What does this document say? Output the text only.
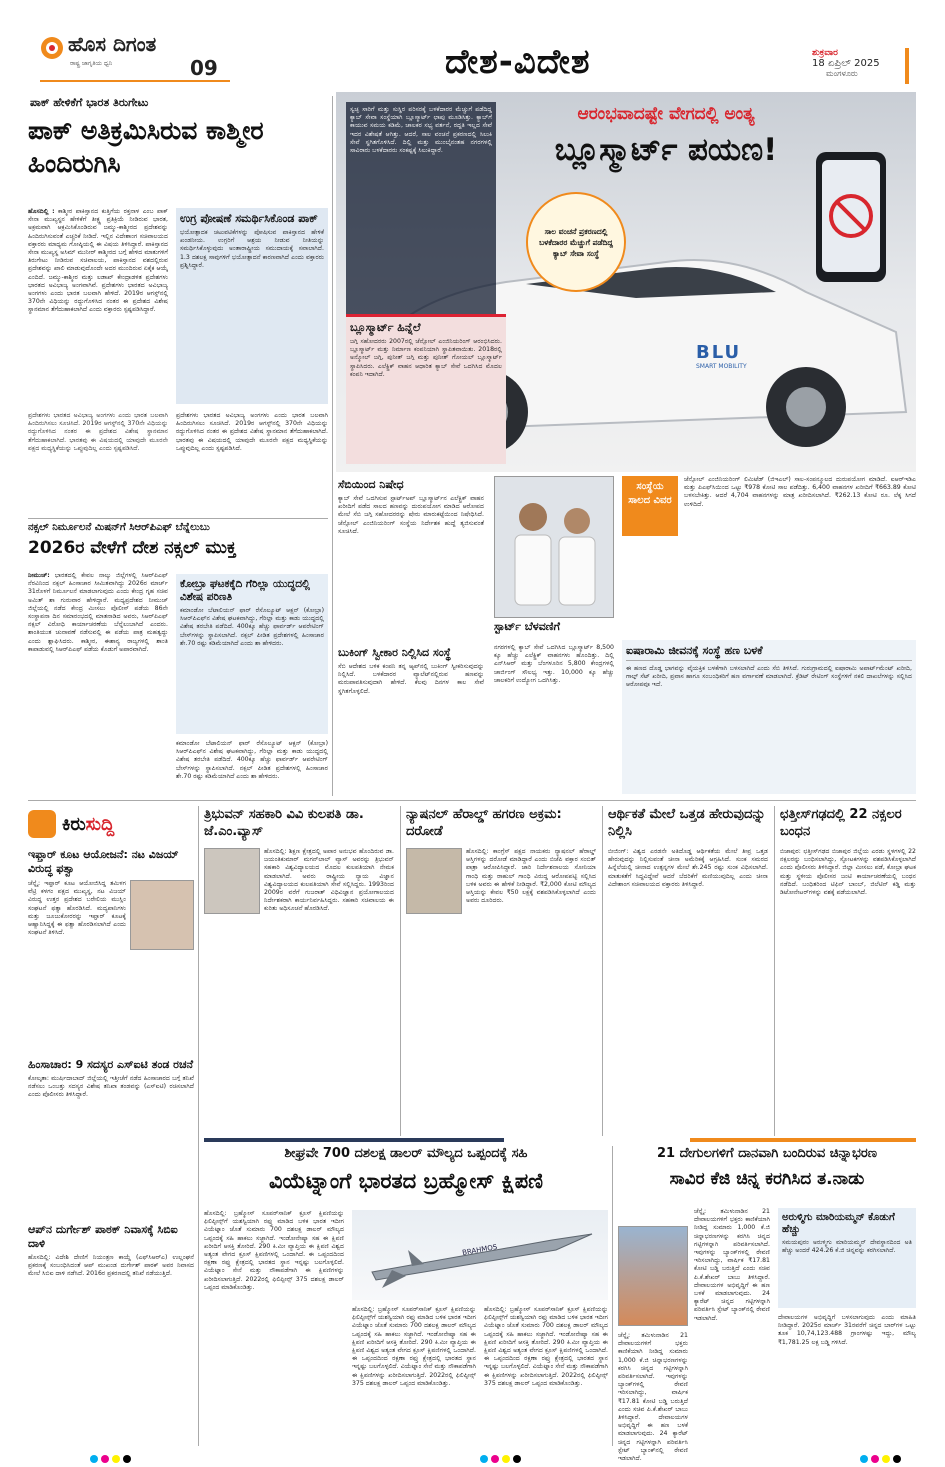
ಹೊಸ ದಿಗಂತ
ರಾಷ್ಟ್ರ ಜಾಗೃತಿಯ ಧ್ವನಿ	09	ದೇಶ-ವಿದೇಶ	ಶುಕ್ರವಾರ
18 ಏಪ್ರಿಲ್ 2025
ಮಂಗಳೂರು
ಪಾಕ್ ಹೇಳಿಕೆಗೆ ಭಾರತ ತಿರುಗೇಟು
ಪಾಕ್ ಅತಿಕ್ರಮಿಸಿರುವ ಕಾಶ್ಮೀರ ಹಿಂದಿರುಗಿಸಿ
ಹೊಸದಿಲ್ಲಿ : ಕಾಶ್ಮೀರ ಪಾಕಿಸ್ತಾನದ ಕುತ್ತಿಗೆಯ ರಕ್ತನಾಳ ಎಂಬ ಪಾಕ್ ಸೇನಾ ಮುಖ್ಯಸ್ಥನ ಹೇಳಿಕೆಗೆ ತೀಕ್ಷ್ಣ ಪ್ರತಿಕ್ರಿಯೆ ನೀಡಿರುವ ಭಾರತ, ಅಕ್ರಮವಾಗಿ ಆಕ್ರಮಿಸಿಕೊಂಡಿರುವ ಜಮ್ಮು-ಕಾಶ್ಮೀರದ ಪ್ರದೇಶವನ್ನು ಹಿಂದಿರುಗಿಸುವಂತೆ ಎಚ್ಚರಿಕೆ ನೀಡಿದೆ. ಇಲ್ಲಿನ ವಿದೇಶಾಂಗ ಸಚಿವಾಲಯದ ವಕ್ತಾರರು ಮಾಧ್ಯಮ ಗೋಷ್ಠಿಯಲ್ಲಿ ಈ ವಿಷಯ ತಿಳಿಸಿದ್ದಾರೆ. ಪಾಕಿಸ್ತಾನದ ಸೇನಾ ಮುಖ್ಯಸ್ಥ ಅಸಿಮ್ ಮುನೀರ್ ಕಾಶ್ಮೀರದ ಬಗ್ಗೆ ಹೇಳಿದ ಮಾತುಗಳಿಗೆ ತಿರುಗೇಟು ನೀಡಿರುವ ಸಚಿವಾಲಯ, ಪಾಕಿಸ್ತಾನದ ವಶದಲ್ಲಿರುವ ಪ್ರದೇಶವನ್ನು ಖಾಲಿ ಮಾಡುವುದೊಂದೇ ಅದರ ಮುಂದಿರುವ ಏಕೈಕ ಆಯ್ಕೆ ಎಂದಿದೆ. ಜಮ್ಮು-ಕಾಶ್ಮೀರ ಮತ್ತು ಲಡಾಖ್ ಕೇಂದ್ರಾಡಳಿತ ಪ್ರದೇಶಗಳು ಭಾರತದ ಅವಿಭಾಜ್ಯ ಅಂಗವಾಗಿವೆ. ಪ್ರದೇಶಗಳು ಭಾರತದ ಅವಿಭಾಜ್ಯ ಅಂಗಗಳು ಎಂದು ಭಾರತ ಬಲವಾಗಿ ಹೇಳಿದೆ. 2019ರ ಆಗಸ್ಟ್‌ನಲ್ಲಿ 370ನೇ ವಿಧಿಯನ್ನು ರದ್ದುಗೊಳಿಸಿದ ನಂತರ ಈ ಪ್ರದೇಶದ ವಿಶೇಷ ಸ್ಥಾನಮಾನ ತೆಗೆದುಹಾಕಲಾಗಿದೆ ಎಂದು ವಕ್ತಾರರು ಸ್ಪಷ್ಟಪಡಿಸಿದ್ದಾರೆ.
ಉಗ್ರ ಪೋಷಣೆ ಸಮರ್ಥಿಸಿಕೊಂಡ ಪಾಕ್
ಭಯೋತ್ಪಾದಕ ಚಟುವಟಿಕೆಗಳನ್ನು ಪೋಷಿಸುವ ಪಾಕಿಸ್ತಾನದ ಹೇಳಿಕೆ ಖಂಡನೀಯ. ಉಗ್ರರಿಗೆ ಆಶ್ರಯ ನೀಡುವ ನೀತಿಯನ್ನು ಸಮರ್ಥಿಸಿಕೊಳ್ಳುವುದು ಅಂತಾರಾಷ್ಟ್ರೀಯ ಸಮುದಾಯಕ್ಕೆ ಸವಾಲಾಗಿದೆ. 1.3 ದಶಲಕ್ಷ ಸಾವುಗಳಿಗೆ ಭಯೋತ್ಪಾದನೆ ಕಾರಣವಾಗಿದೆ ಎಂದು ವಕ್ತಾರರು ಪ್ರಶ್ನಿಸಿದ್ದಾರೆ.
ಪ್ರದೇಶಗಳು ಭಾರತದ ಅವಿಭಾಜ್ಯ ಅಂಗಗಳು ಎಂದು ಭಾರತ ಬಲವಾಗಿ ಹಿಂದಿರುಗಿಸಲು ಸೂಚಿಸಿದೆ. 2019ರ ಆಗಸ್ಟ್‌ನಲ್ಲಿ 370ನೇ ವಿಧಿಯನ್ನು ರದ್ದುಗೊಳಿಸಿದ ನಂತರ ಈ ಪ್ರದೇಶದ ವಿಶೇಷ ಸ್ಥಾನಮಾನ ತೆಗೆದುಹಾಕಲಾಗಿದೆ. ಭಾರತವು ಈ ವಿಷಯದಲ್ಲಿ ಯಾವುದೇ ಮೂರನೇ ಪಕ್ಷದ ಮಧ್ಯಸ್ಥಿಕೆಯನ್ನು ಒಪ್ಪುವುದಿಲ್ಲ ಎಂದು ಸ್ಪಷ್ಟಪಡಿಸಿದೆ.
ಪ್ರದೇಶಗಳು ಭಾರತದ ಅವಿಭಾಜ್ಯ ಅಂಗಗಳು ಎಂದು ಭಾರತ ಬಲವಾಗಿ ಹಿಂದಿರುಗಿಸಲು ಸೂಚಿಸಿದೆ. 2019ರ ಆಗಸ್ಟ್‌ನಲ್ಲಿ 370ನೇ ವಿಧಿಯನ್ನು ರದ್ದುಗೊಳಿಸಿದ ನಂತರ ಈ ಪ್ರದೇಶದ ವಿಶೇಷ ಸ್ಥಾನಮಾನ ತೆಗೆದುಹಾಕಲಾಗಿದೆ. ಭಾರತವು ಈ ವಿಷಯದಲ್ಲಿ ಯಾವುದೇ ಮೂರನೇ ಪಕ್ಷದ ಮಧ್ಯಸ್ಥಿಕೆಯನ್ನು ಒಪ್ಪುವುದಿಲ್ಲ ಎಂದು ಸ್ಪಷ್ಟಪಡಿಸಿದೆ.
ನಕ್ಸಲ್ ನಿರ್ಮೂಲನೆ ಮಿಷನ್‌ಗೆ ಸಿಆರ್‌ಪಿಎಫ್ ಬೆನ್ನೆಲುಬು
2026ರ ವೇಳೆಗೆ ದೇಶ ನಕ್ಸಲ್ ಮುಕ್ತ
ನೀಮುಚ್: ಭಾರತದಲ್ಲಿ ಕೇವಲ ನಾಲ್ಕು ಜಿಲ್ಲೆಗಳಲ್ಲಿ ಸಿಆರ್‌ಪಿಎಫ್ ನೆರವಿನಿಂದ ನಕ್ಸಲ್ ಹಿಂಸಾಚಾರ ಸೀಮಿತವಾಗಿದ್ದು 2026ರ ಮಾರ್ಚ್ 31ರೊಳಗೆ ನಿರ್ಮೂಲನೆ ಮಾಡಲಾಗುವುದು ಎಂದು ಕೇಂದ್ರ ಗೃಹ ಸಚಿವ ಅಮಿತ್ ಶಾ ಗುರುವಾರ ಹೇಳಿದ್ದಾರೆ. ಮಧ್ಯಪ್ರದೇಶದ ನೀಮುಚ್ ಜಿಲ್ಲೆಯಲ್ಲಿ ನಡೆದ ಕೇಂದ್ರ ಮೀಸಲು ಪೊಲೀಸ್ ಪಡೆಯ 86ನೇ ಸಂಸ್ಥಾಪನಾ ದಿನ ಸಮಾರಂಭದಲ್ಲಿ ಮಾತನಾಡಿದ ಅವರು, ಸಿಆರ್‌ಪಿಎಫ್ ನಕ್ಸಲ್ ವಿರೋಧಿ ಕಾರ್ಯಾಚರಣೆಯ ಬೆನ್ನೆಲುಬಾಗಿದೆ ಎಂದರು. ಶಾಂತಿಯುತ ಚುನಾವಣೆ ನಡೆಸುವಲ್ಲಿ ಈ ಪಡೆಯ ಪಾತ್ರ ಮಹತ್ವದ್ದು ಎಂದು ಶ್ಲಾಘಿಸಿದರು. ಕಾಶ್ಮೀರ, ಈಶಾನ್ಯ ರಾಜ್ಯಗಳಲ್ಲಿ ಶಾಂತಿ ಕಾಪಾಡುವಲ್ಲಿ ಸಿಆರ್‌ಪಿಎಫ್ ಪಡೆಯ ಕೊಡುಗೆ ಅಪಾರವಾಗಿದೆ.
ಕೋಬ್ರಾ ಘಟಕಕ್ಕೆದಿ ಗೆರಿಲ್ಲಾ ಯುದ್ಧದಲ್ಲಿ ವಿಶೇಷ ಪರಿಣತಿ
ಕಮಾಂಡೋ ಬೆಟಾಲಿಯನ್ ಫಾರ್ ರೆಸೊಲ್ಯೂಟ್ ಆಕ್ಷನ್ (ಕೋಬ್ರಾ) ಸಿಆರ್‌ಪಿಎಫ್‌ನ ವಿಶೇಷ ಘಟಕವಾಗಿದ್ದು, ಗೆರಿಲ್ಲಾ ಮತ್ತು ಕಾಡು ಯುದ್ಧದಲ್ಲಿ ವಿಶೇಷ ತರಬೇತಿ ಪಡೆದಿದೆ. 400ಕ್ಕೂ ಹೆಚ್ಚು ಫಾರ್ವರ್ಡ್ ಆಪರೇಟಿಂಗ್ ಬೇಸ್‌ಗಳನ್ನು ಸ್ಥಾಪಿಸಲಾಗಿದೆ. ನಕ್ಸಲ್ ಪೀಡಿತ ಪ್ರದೇಶಗಳಲ್ಲಿ ಹಿಂಸಾಚಾರ ಶೇ.70 ರಷ್ಟು ಕಡಿಮೆಯಾಗಿದೆ ಎಂದು ಶಾ ಹೇಳಿದರು.
ಕಮಾಂಡೋ ಬೆಟಾಲಿಯನ್ ಫಾರ್ ರೆಸೊಲ್ಯೂಟ್ ಆಕ್ಷನ್ (ಕೋಬ್ರಾ) ಸಿಆರ್‌ಪಿಎಫ್‌ನ ವಿಶೇಷ ಘಟಕವಾಗಿದ್ದು, ಗೆರಿಲ್ಲಾ ಮತ್ತು ಕಾಡು ಯುದ್ಧದಲ್ಲಿ ವಿಶೇಷ ತರಬೇತಿ ಪಡೆದಿದೆ. 400ಕ್ಕೂ ಹೆಚ್ಚು ಫಾರ್ವರ್ಡ್ ಆಪರೇಟಿಂಗ್ ಬೇಸ್‌ಗಳನ್ನು ಸ್ಥಾಪಿಸಲಾಗಿದೆ. ನಕ್ಸಲ್ ಪೀಡಿತ ಪ್ರದೇಶಗಳಲ್ಲಿ ಹಿಂಸಾಚಾರ ಶೇ.70 ರಷ್ಟು ಕಡಿಮೆಯಾಗಿದೆ ಎಂದು ಶಾ ಹೇಳಿದರು.
BLU
SMART MOBILITY
ಆರಂಭವಾದಷ್ಟೇ ವೇಗದಲ್ಲಿ ಅಂತ್ಯ
ಬ್ಲೂಸ್ಮಾರ್ಟ್ ಪಯಣ!
ಸ್ವಚ್ಛ ಸಾರಿಗೆ ಮತ್ತು ಸುಸ್ಥಿರ ಪರಿಸರಕ್ಕೆ ಬಳಕೆದಾರರ ಮೆಚ್ಚುಗೆ ಪಡೆದಿದ್ದ ಕ್ಯಾಬ್ ಸೇವಾ ಸಂಸ್ಥೆಯಾಗಿ ಬ್ಲೂಸ್ಮಾರ್ಟ್ ಛಾಪು ಮೂಡಿಸಿತ್ತು. ಕ್ಯಾಬ್‌ಗೆ ಕಾಯುವ ಸಮಯ ಕಡಿಮೆ, ಚಾಲಕರ ಸಭ್ಯ ವರ್ತನೆ, ರದ್ದತಿ ಇಲ್ಲದ ಸೇವೆ ಇದರ ವಿಶೇಷತೆ ಆಗಿತ್ತು. ಆದರೆ, ಸಾಲ ವಂಚನೆ ಪ್ರಕರಣದಲ್ಲಿ ಸಿಲುಕಿ ಸೇವೆ ಸ್ಥಗಿತಗೊಳಿಸಿದೆ. ದಿಲ್ಲಿ ಮತ್ತು ಮುಂಬೈನಂತಹ ನಗರಗಳಲ್ಲಿ ಸಾವಿರಾರು ಬಳಕೆದಾರರು ಸಂಕಷ್ಟಕ್ಕೆ ಸಿಲುಕಿದ್ದಾರೆ.
ಸಾಲ ವಂಚನೆ ಪ್ರಕರಣದಲ್ಲಿ ಬಳಕೆದಾರರ ಮೆಚ್ಚುಗೆ ಪಡೆದಿದ್ದ ಕ್ಯಾಬ್ ಸೇವಾ ಸಂಸ್ಥೆ
ಬ್ಲೂಸ್ಮಾರ್ಟ್ ಹಿನ್ನೆಲೆ
ಜಗ್ಗಿ ಸಹೋದರರು 2007ರಲ್ಲಿ ಜೆನ್ಸೋಲ್ ಎಂಜಿನಿಯರಿಂಗ್ ಆರಂಭಿಸಿದರು. ಬ್ಲೂಸ್ಮಾರ್ಟ್ ಮತ್ತು ನಿರ್ಮಾಣ ಕಂಪನಿಯಾಗಿ ಸ್ಥಾಪಿತವಾಯಿತು. 2018ರಲ್ಲಿ ಅನ್ಮೋಲ್ ಜಗ್ಗಿ, ಪುನೀತ್ ಜಗ್ಗಿ ಮತ್ತು ಪುನೀತ್ ಗೋಯಲ್ ಬ್ಲೂಸ್ಮಾರ್ಟ್ ಸ್ಥಾಪಿಸಿದರು. ಎಲೆಕ್ಟ್ರಿಕ್ ವಾಹನ ಆಧಾರಿತ ಕ್ಯಾಬ್ ಸೇವೆ ಒದಗಿಸಿದ ಮೊದಲ ಕಂಪನಿ ಇದಾಗಿದೆ.
ಸೆಬಿಯಿಂದ ನಿಷೇಧ
ಕ್ಯಾಬ್ ಸೇವೆ ಒದಗಿಸುವ ಸ್ಟಾರ್ಟ್‌ಅಪ್ ಬ್ಲೂಸ್ಮಾರ್ಟ್‌ನ ಎಲೆಕ್ಟ್ರಿಕ್ ವಾಹನ ಖರೀದಿಗೆ ಪಡೆದ ಸಾಲದ ಹಣವನ್ನು ದುರುಪಯೋಗ ಮಾಡಿದ ಆರೋಪದ ಮೇಲೆ ಸೆಬಿ ಜಗ್ಗಿ ಸಹೋದರರನ್ನು ಷೇರು ಮಾರುಕಟ್ಟೆಯಿಂದ ನಿಷೇಧಿಸಿದೆ. ಜೆನ್ಸೋಲ್ ಎಂಜಿನಿಯರಿಂಗ್ ಸಂಸ್ಥೆಯ ನಿರ್ದೇಶಕ ಹುದ್ದೆ ತ್ಯಜಿಸುವಂತೆ ಸೂಚಿಸಿದೆ.
ಸ್ಟಾರ್ಟ್ ಬೆಳವಣಿಗೆ
ಬುಕಿಂಗ್ ಸ್ವೀಕಾರ ನಿಲ್ಲಿಸಿದ ಸಂಸ್ಥೆ
ಸೆಬಿ ಆದೇಶದ ಬಳಿಕ ಕಂಪನಿ ತನ್ನ ಆ್ಯಪ್‌ನಲ್ಲಿ ಬುಕಿಂಗ್ ಸ್ವೀಕರಿಸುವುದನ್ನು ನಿಲ್ಲಿಸಿದೆ. ಬಳಕೆದಾರರ ವ್ಯಾಲೆಟ್‌ನಲ್ಲಿರುವ ಹಣವನ್ನು ಮರುಪಾವತಿಸುವುದಾಗಿ ಹೇಳಿದೆ. ಕೆಲವು ದಿನಗಳ ಕಾಲ ಸೇವೆ ಸ್ಥಗಿತಗೊಳ್ಳಲಿದೆ.
ನಗರಗಳಲ್ಲಿ ಕ್ಯಾಬ್ ಸೇವೆ ಒದಗಿಸಿದ ಬ್ಲೂಸ್ಮಾರ್ಟ್ 8,500 ಕ್ಕೂ ಹೆಚ್ಚು ಎಲೆಕ್ಟ್ರಿಕ್ ವಾಹನಗಳು ಹೊಂದಿತ್ತು. ದಿಲ್ಲಿ ಎನ್‌ಸಿಆರ್ ಮತ್ತು ಬೆಂಗಳೂರಿನ 5,800 ಕೇಂದ್ರಗಳಲ್ಲಿ ಚಾರ್ಜಿಂಗ್ ಸೌಲಭ್ಯ ಇತ್ತು. 10,000 ಕ್ಕೂ ಹೆಚ್ಚು ಚಾಲಕರಿಗೆ ಉದ್ಯೋಗ ಒದಗಿಸಿತ್ತು.
ಸಂಸ್ಥೆಯ ಸಾಲದ ವಿವರ
ಜೆನ್ಸೋಲ್ ಎಂಜಿನಿಯರಿಂಗ್ ಲಿಮಿಟೆಡ್ (ಜಿಇಎಲ್) ಸಾಲ-ಸಂಪನ್ಮೂಲದ ದುರುಪಯೋಗ ಮಾಡಿದೆ. ಐಆರ್‌ಇಡಿಎ ಮತ್ತು ಪಿಎಫ್‌ಸಿಯಿಂದ ಒಟ್ಟು ₹978 ಕೋಟಿ ಸಾಲ ಪಡೆದಿತ್ತು. 6,400 ವಾಹನಗಳ ಖರೀದಿಗೆ ₹663.89 ಕೋಟಿ ಬಳಸಬೇಕಿತ್ತು. ಆದರೆ 4,704 ವಾಹನಗಳನ್ನು ಮಾತ್ರ ಖರೀದಿಸಲಾಗಿದೆ. ₹262.13 ಕೋಟಿ ರೂ. ಲೆಕ್ಕ ಸಿಗದೆ ಉಳಿದಿದೆ.
ಐಷಾರಾಮಿ ಜೀವನಕ್ಕೆ ಸಂಸ್ಥೆ ಹಣ ಬಳಕೆ
ಈ ಹಣದ ದೊಡ್ಡ ಭಾಗವನ್ನು ವೈಯಕ್ತಿಕ ಬಳಕೆಗಾಗಿ ಬಳಸಲಾಗಿದೆ ಎಂದು ಸೆಬಿ ತಿಳಿಸಿದೆ. ಗುರುಗ್ರಾಮದಲ್ಲಿ ಐಷಾರಾಮಿ ಅಪಾರ್ಟ್‌ಮೆಂಟ್ ಖರೀದಿ, ಗಾಲ್ಫ್ ಸೆಟ್ ಖರೀದಿ, ಪ್ರವಾಸ ಹಾಗೂ ಸಂಬಂಧಿಕರಿಗೆ ಹಣ ವರ್ಗಾವಣೆ ಮಾಡಲಾಗಿದೆ. ಕ್ರೆಡಿಟ್ ರೇಟಿಂಗ್ ಸಂಸ್ಥೆಗಳಿಗೆ ನಕಲಿ ದಾಖಲೆಗಳನ್ನು ಸಲ್ಲಿಸಿದ ಆರೋಪವೂ ಇದೆ.
ಕಿರು ಸುದ್ದಿ
ಇಫ್ತಾರ್ ಕೂಟ ಆಯೋಜನೆ: ನಟ ವಿಜಯ್ ವಿರುದ್ಧ ಫತ್ವಾ
ಚೆನ್ನೈ: ಇಫ್ತಾರ್ ಕೂಟ ಆಯೋಜಿಸಿದ್ದ ತಮಿಳಗ ವೆಟ್ರಿ ಕಳಗಂ ಪಕ್ಷದ ಮುಖ್ಯಸ್ಥ, ನಟ ವಿಜಯ್ ವಿರುದ್ಧ ಉತ್ತರ ಪ್ರದೇಶದ ಬರೇಲಿಯ ಮುಸ್ಲಿಂ ಸಂಘಟನೆ ಫತ್ವಾ ಹೊರಡಿಸಿದೆ. ಮದ್ಯಪಾನಿಗಳು ಮತ್ತು ಜೂಜುಕೋರರನ್ನು ಇಫ್ತಾರ್ ಕೂಟಕ್ಕೆ ಆಹ್ವಾನಿಸಿದ್ದಕ್ಕೆ ಈ ಫತ್ವಾ ಹೊರಡಿಸಲಾಗಿದೆ ಎಂದು ಸಂಘಟನೆ ತಿಳಿಸಿದೆ.
ಹಿಂಸಾಚಾರ: 9 ಸದಸ್ಯರ ಎಸ್‌ಐಟಿ ತಂಡ ರಚನೆ
ಕೋಲ್ಕತಾ: ಮುರ್ಷಿದಾಬಾದ್ ಜಿಲ್ಲೆಯಲ್ಲಿ ಇತ್ತೀಚೆಗೆ ನಡೆದ ಹಿಂಸಾಚಾರದ ಬಗ್ಗೆ ತನಿಖೆ ನಡೆಸಲು ಒಂಬತ್ತು ಸದಸ್ಯರ ವಿಶೇಷ ತನಿಖಾ ತಂಡವನ್ನು (ಎಸ್‌ಐಟಿ) ರಚಿಸಲಾಗಿದೆ ಎಂದು ಪೊಲೀಸರು ತಿಳಿಸಿದ್ದಾರೆ.
ಆಪ್‌ನ ದುರ್ಗೇಶ್ ಪಾಠಕ್ ನಿವಾಸಕ್ಕೆ ಸಿಬಿಐ ದಾಳಿ
ಹೊಸದಿಲ್ಲಿ: ವಿದೇಶಿ ದೇಣಿಗೆ ನಿಯಂತ್ರಣ ಕಾಯ್ದೆ (ಎಫ್‌ಸಿಆರ್‌ಎ) ಉಲ್ಲಂಘನೆ ಪ್ರಕರಣಕ್ಕೆ ಸಂಬಂಧಿಸಿದಂತೆ ಆಪ್ ಮುಖಂಡ ದುರ್ಗೇಶ್ ಪಾಠಕ್ ಅವರ ನಿವಾಸದ ಮೇಲೆ ಸಿಬಿಐ ದಾಳಿ ನಡೆಸಿದೆ. 2016ರ ಪ್ರಕರಣದಲ್ಲಿ ತನಿಖೆ ನಡೆಯುತ್ತಿದೆ.
ತ್ರಿಭುವನ್ ಸಹಕಾರಿ ವಿವಿ ಕುಲಪತಿ ಡಾ. ಜೆ.ಎಂ.ವ್ಯಾಸ್
ಹೊಸದಿಲ್ಲಿ: ಶಿಕ್ಷಣ ಕ್ಷೇತ್ರದಲ್ಲಿ ಅಪಾರ ಅನುಭವ ಹೊಂದಿರುವ ಡಾ. ಜಯಂತಿಕುಮಾರ್ ಮಗನ್‌ಲಾಲ್ ವ್ಯಾಸ್ ಅವರನ್ನು ತ್ರಿಭುವನ್ ಸಹಕಾರಿ ವಿಶ್ವವಿದ್ಯಾಲಯದ ಮೊದಲ ಕುಲಪತಿಯಾಗಿ ನೇಮಕ ಮಾಡಲಾಗಿದೆ. ಅವರು ರಾಷ್ಟ್ರೀಯ ನ್ಯಾಯ ವಿಜ್ಞಾನ ವಿಶ್ವವಿದ್ಯಾಲಯದ ಕುಲಪತಿಯಾಗಿ ಸೇವೆ ಸಲ್ಲಿಸಿದ್ದರು. 1993ರಿಂದ 2009ರ ವರೆಗೆ ಗುಜರಾತ್ ವಿಧಿವಿಜ್ಞಾನ ಪ್ರಯೋಗಾಲಯದ ನಿರ್ದೇಶಕರಾಗಿ ಕಾರ್ಯನಿರ್ವಹಿಸಿದ್ದರು. ಸಹಕಾರಿ ಸಚಿವಾಲಯ ಈ ಕುರಿತು ಅಧಿಸೂಚನೆ ಹೊರಡಿಸಿದೆ.
ನ್ಯಾಷನಲ್ ಹೆರಾಲ್ಡ್ ಹಗರಣ ಅಕ್ರಮ: ದರೋಡೆ
ಹೊಸದಿಲ್ಲಿ: ಕಾಂಗ್ರೆಸ್ ಪಕ್ಷದ ನಾಯಕರು ನ್ಯಾಷನಲ್ ಹೆರಾಲ್ಡ್ ಆಸ್ತಿಗಳನ್ನು ದರೋಡೆ ಮಾಡಿದ್ದಾರೆ ಎಂದು ಬಿಜೆಪಿ ವಕ್ತಾರ ಸಂಬಿತ್ ಪಾತ್ರಾ ಆರೋಪಿಸಿದ್ದಾರೆ. ಜಾರಿ ನಿರ್ದೇಶನಾಲಯ ಸೋನಿಯಾ ಗಾಂಧಿ ಮತ್ತು ರಾಹುಲ್ ಗಾಂಧಿ ವಿರುದ್ಧ ಆರೋಪಪಟ್ಟಿ ಸಲ್ಲಿಸಿದ ಬಳಿಕ ಅವರು ಈ ಹೇಳಿಕೆ ನೀಡಿದ್ದಾರೆ. ₹2,000 ಕೋಟಿ ಮೌಲ್ಯದ ಆಸ್ತಿಯನ್ನು ಕೇವಲ ₹50 ಲಕ್ಷಕ್ಕೆ ವಶಪಡಿಸಿಕೊಳ್ಳಲಾಗಿದೆ ಎಂದು ಅವರು ದೂರಿದರು.
ಆರ್ಥಿಕತೆ ಮೇಲೆ ಒತ್ತಡ ಹೇರುವುದನ್ನು ನಿಲ್ಲಿಸಿ
ಬೀಜಿಂಗ್: ವಿಶ್ವದ ಎರಡನೇ ಅತಿದೊಡ್ಡ ಆರ್ಥಿಕತೆಯ ಮೇಲೆ ತೀವ್ರ ಒತ್ತಡ ಹೇರುವುದನ್ನು ನಿಲ್ಲಿಸುವಂತೆ ಚೀನಾ ಅಮೆರಿಕಕ್ಕೆ ಆಗ್ರಹಿಸಿದೆ. ಸುಂಕ ಸಮರದ ಹಿನ್ನೆಲೆಯಲ್ಲಿ ಚೀನಾದ ಉತ್ಪನ್ನಗಳ ಮೇಲೆ ಶೇ.245 ರಷ್ಟು ಸುಂಕ ವಿಧಿಸಲಾಗಿದೆ. ಮಾತುಕತೆಗೆ ಸಿದ್ಧವಿದ್ದೇವೆ ಆದರೆ ಬೆದರಿಕೆಗೆ ಮಣಿಯುವುದಿಲ್ಲ ಎಂದು ಚೀನಾ ವಿದೇಶಾಂಗ ಸಚಿವಾಲಯದ ವಕ್ತಾರರು ತಿಳಿಸಿದ್ದಾರೆ.
ಛತ್ತೀಸ್‌ಗಢದಲ್ಲಿ 22 ನಕ್ಸಲರ ಬಂಧನ
ಬಿಜಾಪುರ: ಛತ್ತೀಸ್‌ಗಢದ ಬಿಜಾಪುರ ಜಿಲ್ಲೆಯ ಎರಡು ಸ್ಥಳಗಳಲ್ಲಿ 22 ನಕ್ಸಲರನ್ನು ಬಂಧಿಸಲಾಗಿದ್ದು, ಸ್ಫೋಟಕಗಳನ್ನು ವಶಪಡಿಸಿಕೊಳ್ಳಲಾಗಿದೆ ಎಂದು ಪೊಲೀಸರು ತಿಳಿಸಿದ್ದಾರೆ. ಜಿಲ್ಲಾ ಮೀಸಲು ಪಡೆ, ಕೋಬ್ರಾ ಘಟಕ ಮತ್ತು ಸ್ಥಳೀಯ ಪೊಲೀಸರ ಜಂಟಿ ಕಾರ್ಯಾಚರಣೆಯಲ್ಲಿ ಬಂಧನ ನಡೆದಿದೆ. ಬಂಧಿತರಿಂದ ಟಿಫಿನ್ ಬಾಂಬ್, ಜಿಲೆಟಿನ್ ಕಡ್ಡಿ ಮತ್ತು ಡಿಟೋನೇಟರ್‌ಗಳನ್ನು ವಶಕ್ಕೆ ಪಡೆಯಲಾಗಿದೆ.
ಶೀಘ್ರವೇ 700 ದಶಲಕ್ಷ ಡಾಲರ್ ಮೌಲ್ಯದ ಒಪ್ಪಂದಕ್ಕೆ ಸಹಿ
ವಿಯೆಟ್ನಾಂಗೆ ಭಾರತದ ಬ್ರಹ್ಮೋಸ್ ಕ್ಷಿಪಣಿ
ಹೊಸದಿಲ್ಲಿ: ಬ್ರಹ್ಮೋಸ್ ಸೂಪರ್‌ಸಾನಿಕ್ ಕ್ರೂಸ್ ಕ್ಷಿಪಣಿಯನ್ನು ಫಿಲಿಪ್ಪೀನ್ಸ್‌ಗೆ ಯಶಸ್ವಿಯಾಗಿ ರಫ್ತು ಮಾಡಿದ ಬಳಿಕ ಭಾರತ ಇದೀಗ ವಿಯೆಟ್ನಾಂ ಜೊತೆ ಸುಮಾರು 700 ದಶಲಕ್ಷ ಡಾಲರ್ ಮೌಲ್ಯದ ಒಪ್ಪಂದಕ್ಕೆ ಸಹಿ ಹಾಕಲು ಸಜ್ಜಾಗಿದೆ. ಇಂಡೋನೇಷ್ಯಾ ಸಹ ಈ ಕ್ಷಿಪಣಿ ಖರೀದಿಗೆ ಆಸಕ್ತಿ ತೋರಿದೆ. 290 ಕಿ.ಮೀ ವ್ಯಾಪ್ತಿಯ ಈ ಕ್ಷಿಪಣಿ ವಿಶ್ವದ ಅತ್ಯಂತ ವೇಗದ ಕ್ರೂಸ್ ಕ್ಷಿಪಣಿಗಳಲ್ಲಿ ಒಂದಾಗಿದೆ. ಈ ಒಪ್ಪಂದದಿಂದ ರಕ್ಷಣಾ ರಫ್ತು ಕ್ಷೇತ್ರದಲ್ಲಿ ಭಾರತದ ಸ್ಥಾನ ಇನ್ನಷ್ಟು ಬಲಗೊಳ್ಳಲಿದೆ. ವಿಯೆಟ್ನಾಂ ಸೇನೆ ಮತ್ತು ನೌಕಾಪಡೆಗಾಗಿ ಈ ಕ್ಷಿಪಣಿಗಳನ್ನು ಖರೀದಿಸಲಾಗುತ್ತಿದೆ. 2022ರಲ್ಲಿ ಫಿಲಿಪ್ಪೀನ್ಸ್ 375 ದಶಲಕ್ಷ ಡಾಲರ್ ಒಪ್ಪಂದ ಮಾಡಿಕೊಂಡಿತ್ತು.
BRAHMOS
ಹೊಸದಿಲ್ಲಿ: ಬ್ರಹ್ಮೋಸ್ ಸೂಪರ್‌ಸಾನಿಕ್ ಕ್ರೂಸ್ ಕ್ಷಿಪಣಿಯನ್ನು ಫಿಲಿಪ್ಪೀನ್ಸ್‌ಗೆ ಯಶಸ್ವಿಯಾಗಿ ರಫ್ತು ಮಾಡಿದ ಬಳಿಕ ಭಾರತ ಇದೀಗ ವಿಯೆಟ್ನಾಂ ಜೊತೆ ಸುಮಾರು 700 ದಶಲಕ್ಷ ಡಾಲರ್ ಮೌಲ್ಯದ ಒಪ್ಪಂದಕ್ಕೆ ಸಹಿ ಹಾಕಲು ಸಜ್ಜಾಗಿದೆ. ಇಂಡೋನೇಷ್ಯಾ ಸಹ ಈ ಕ್ಷಿಪಣಿ ಖರೀದಿಗೆ ಆಸಕ್ತಿ ತೋರಿದೆ. 290 ಕಿ.ಮೀ ವ್ಯಾಪ್ತಿಯ ಈ ಕ್ಷಿಪಣಿ ವಿಶ್ವದ ಅತ್ಯಂತ ವೇಗದ ಕ್ರೂಸ್ ಕ್ಷಿಪಣಿಗಳಲ್ಲಿ ಒಂದಾಗಿದೆ. ಈ ಒಪ್ಪಂದದಿಂದ ರಕ್ಷಣಾ ರಫ್ತು ಕ್ಷೇತ್ರದಲ್ಲಿ ಭಾರತದ ಸ್ಥಾನ ಇನ್ನಷ್ಟು ಬಲಗೊಳ್ಳಲಿದೆ. ವಿಯೆಟ್ನಾಂ ಸೇನೆ ಮತ್ತು ನೌಕಾಪಡೆಗಾಗಿ ಈ ಕ್ಷಿಪಣಿಗಳನ್ನು ಖರೀದಿಸಲಾಗುತ್ತಿದೆ. 2022ರಲ್ಲಿ ಫಿಲಿಪ್ಪೀನ್ಸ್ 375 ದಶಲಕ್ಷ ಡಾಲರ್ ಒಪ್ಪಂದ ಮಾಡಿಕೊಂಡಿತ್ತು.
ಹೊಸದಿಲ್ಲಿ: ಬ್ರಹ್ಮೋಸ್ ಸೂಪರ್‌ಸಾನಿಕ್ ಕ್ರೂಸ್ ಕ್ಷಿಪಣಿಯನ್ನು ಫಿಲಿಪ್ಪೀನ್ಸ್‌ಗೆ ಯಶಸ್ವಿಯಾಗಿ ರಫ್ತು ಮಾಡಿದ ಬಳಿಕ ಭಾರತ ಇದೀಗ ವಿಯೆಟ್ನಾಂ ಜೊತೆ ಸುಮಾರು 700 ದಶಲಕ್ಷ ಡಾಲರ್ ಮೌಲ್ಯದ ಒಪ್ಪಂದಕ್ಕೆ ಸಹಿ ಹಾಕಲು ಸಜ್ಜಾಗಿದೆ. ಇಂಡೋನೇಷ್ಯಾ ಸಹ ಈ ಕ್ಷಿಪಣಿ ಖರೀದಿಗೆ ಆಸಕ್ತಿ ತೋರಿದೆ. 290 ಕಿ.ಮೀ ವ್ಯಾಪ್ತಿಯ ಈ ಕ್ಷಿಪಣಿ ವಿಶ್ವದ ಅತ್ಯಂತ ವೇಗದ ಕ್ರೂಸ್ ಕ್ಷಿಪಣಿಗಳಲ್ಲಿ ಒಂದಾಗಿದೆ. ಈ ಒಪ್ಪಂದದಿಂದ ರಕ್ಷಣಾ ರಫ್ತು ಕ್ಷೇತ್ರದಲ್ಲಿ ಭಾರತದ ಸ್ಥಾನ ಇನ್ನಷ್ಟು ಬಲಗೊಳ್ಳಲಿದೆ. ವಿಯೆಟ್ನಾಂ ಸೇನೆ ಮತ್ತು ನೌಕಾಪಡೆಗಾಗಿ ಈ ಕ್ಷಿಪಣಿಗಳನ್ನು ಖರೀದಿಸಲಾಗುತ್ತಿದೆ. 2022ರಲ್ಲಿ ಫಿಲಿಪ್ಪೀನ್ಸ್ 375 ದಶಲಕ್ಷ ಡಾಲರ್ ಒಪ್ಪಂದ ಮಾಡಿಕೊಂಡಿತ್ತು.
21 ದೇಗುಲಗಳಿಗೆ ದಾನವಾಗಿ ಬಂದಿರುವ ಚಿನ್ನಾಭರಣ
ಸಾವಿರ ಕೆಜಿ ಚಿನ್ನ ಕರಗಿಸಿದ ತ.ನಾಡು
ಚೆನ್ನೈ: ತಮಿಳುನಾಡಿನ 21 ದೇವಾಲಯಗಳಿಗೆ ಭಕ್ತರು ಕಾಣಿಕೆಯಾಗಿ ನೀಡಿದ್ದ ಸುಮಾರು 1,000 ಕೆ.ಜಿ ಚಿನ್ನಾಭರಣಗಳನ್ನು ಕರಗಿಸಿ ಚಿನ್ನದ ಗಟ್ಟಿಗಳನ್ನಾಗಿ ಪರಿವರ್ತಿಸಲಾಗಿದೆ. ಇವುಗಳನ್ನು ಬ್ಯಾಂಕ್‌ಗಳಲ್ಲಿ ಠೇವಣಿ ಇರಿಸಲಾಗಿದ್ದು, ವಾರ್ಷಿಕ ₹17.81 ಕೋಟಿ ಬಡ್ಡಿ ಬರುತ್ತಿದೆ ಎಂದು ಸಚಿವ ಪಿ.ಕೆ.ಶೇಖರ್ ಬಾಬು ತಿಳಿಸಿದ್ದಾರೆ. ದೇವಾಲಯಗಳ ಅಭಿವೃದ್ಧಿಗೆ ಈ ಹಣ ಬಳಕೆ ಮಾಡಲಾಗುವುದು. 24 ಕ್ಯಾರೆಟ್ ಚಿನ್ನದ ಗಟ್ಟಿಗಳನ್ನಾಗಿ ಪರಿವರ್ತಿಸಿ ಸ್ಟೇಟ್ ಬ್ಯಾಂಕ್‌ನಲ್ಲಿ ಠೇವಣಿ ಇಡಲಾಗಿದೆ.
ಅರುಳ್ಮಿಗು ಮಾರಿಯಮ್ಮನ್ ಕೊಡುಗೆ ಹೆಚ್ಚು
ಸಮಯಪುರಂ ಅರುಳ್ಮಿಗು ಮಾರಿಯಮ್ಮನ್ ದೇವಸ್ಥಾನದಿಂದ ಅತಿ ಹೆಚ್ಚು ಅಂದರೆ 424.26 ಕೆ.ಜಿ ಚಿನ್ನವನ್ನು ಕರಗಿಸಲಾಗಿದೆ.
ದೇವಾಲಯಗಳ ಅಭಿವೃದ್ಧಿಗೆ ಬಳಸಲಾಗುವುದು ಎಂದು ಮಾಹಿತಿ ನೀಡಿದ್ದಾರೆ. 2025ರ ಮಾರ್ಚ್ 31ರವರೆಗೆ ಚಿನ್ನದ ಬಾರ್‌ಗಳ ಒಟ್ಟು ತೂಕ 10,74,123.488 ಗ್ರಾಂಗಳಷ್ಟು ಇದ್ದು, ಮೌಲ್ಯ ₹1,781.25 ಲಕ್ಷ ಬಡ್ಡಿ ಗಳಿಸಿದೆ.
ಚೆನ್ನೈ: ತಮಿಳುನಾಡಿನ 21 ದೇವಾಲಯಗಳಿಗೆ ಭಕ್ತರು ಕಾಣಿಕೆಯಾಗಿ ನೀಡಿದ್ದ ಸುಮಾರು 1,000 ಕೆ.ಜಿ ಚಿನ್ನಾಭರಣಗಳನ್ನು ಕರಗಿಸಿ ಚಿನ್ನದ ಗಟ್ಟಿಗಳನ್ನಾಗಿ ಪರಿವರ್ತಿಸಲಾಗಿದೆ. ಇವುಗಳನ್ನು ಬ್ಯಾಂಕ್‌ಗಳಲ್ಲಿ ಠೇವಣಿ ಇರಿಸಲಾಗಿದ್ದು, ವಾರ್ಷಿಕ ₹17.81 ಕೋಟಿ ಬಡ್ಡಿ ಬರುತ್ತಿದೆ ಎಂದು ಸಚಿವ ಪಿ.ಕೆ.ಶೇಖರ್ ಬಾಬು ತಿಳಿಸಿದ್ದಾರೆ. ದೇವಾಲಯಗಳ ಅಭಿವೃದ್ಧಿಗೆ ಈ ಹಣ ಬಳಕೆ ಮಾಡಲಾಗುವುದು. 24 ಕ್ಯಾರೆಟ್ ಚಿನ್ನದ ಗಟ್ಟಿಗಳನ್ನಾಗಿ ಪರಿವರ್ತಿಸಿ ಸ್ಟೇಟ್ ಬ್ಯಾಂಕ್‌ನಲ್ಲಿ ಠೇವಣಿ ಇಡಲಾಗಿದೆ.
